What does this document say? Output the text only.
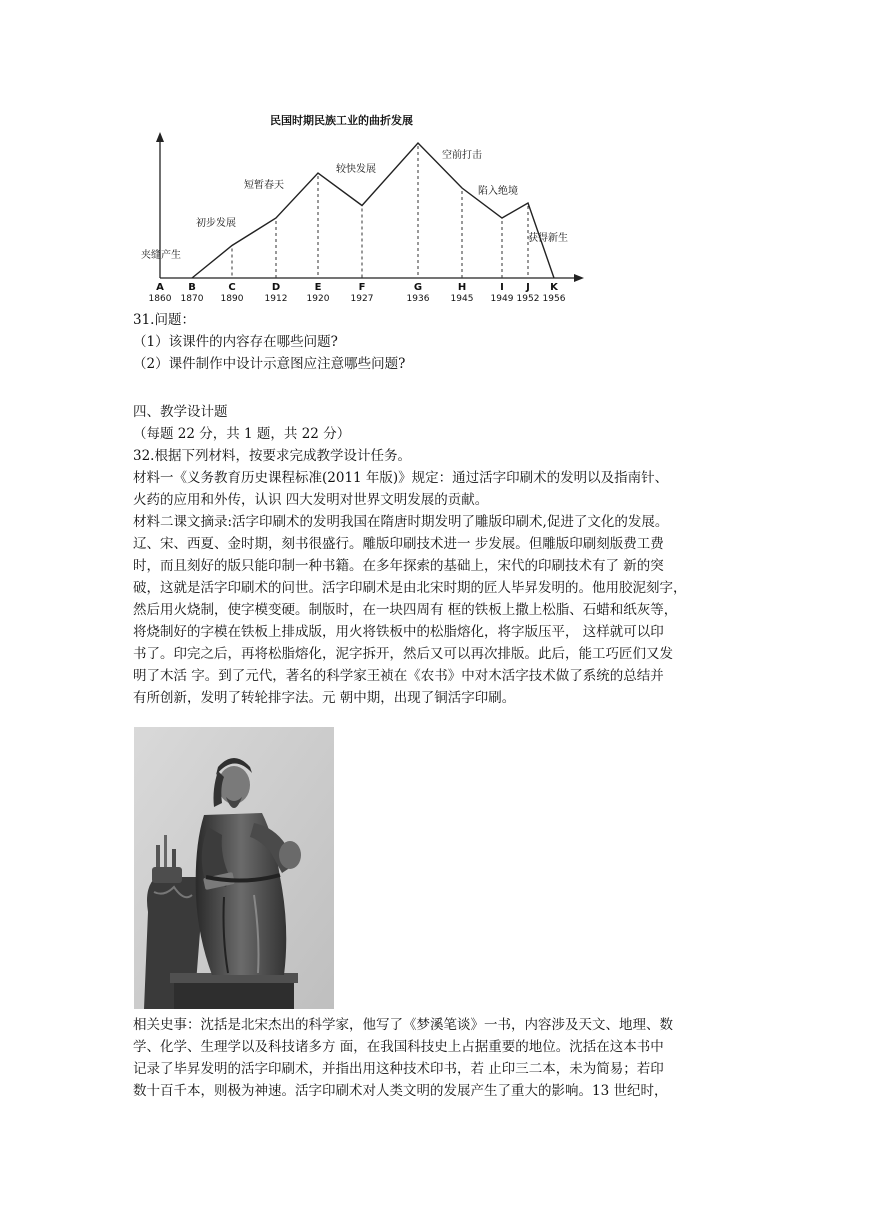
民国时期民族工业的曲折发展
A
1860
B
1870
C
1890
D
1912
E
1920
F
1927
G
1936
H
1945
I
1949
J
1952
K
1956
夹缝产生
初步发展
短暂春天
较快发展
空前打击
陷入绝境
获得新生

31.问题：

（1）该课件的内容存在哪些问题?

（2）课件制作中设计示意图应注意哪些问题?

四、教学设计题

（每题 22 分，共 1 题，共 22 分）

32.根据下列材料，按要求完成教学设计任务。

材料一《义务教育历史课程标准(2011 年版)》规定：通过活字印刷术的发明以及指南针、

火药的应用和外传，认识 四大发明对世界文明发展的贡献。

材料二课文摘录:活字印刷术的发明我国在隋唐时期发明了雕版印刷术,促进了文化的发展。

辽、宋、西夏、金时期，刻书很盛行。雕版印刷技术进一 步发展。但雕版印刷刻版费工费

时，而且刻好的版只能印制一种书籍。在多年探索的基础上，宋代的印刷技术有了 新的突

破，这就是活字印刷术的问世。活字印刷术是由北宋时期的匠人毕昇发明的。他用胶泥刻字，

然后用火烧制，使字模变硬。制版时，在一块四周有 框的铁板上撒上松脂、石蜡和纸灰等，

将烧制好的字模在铁板上排成版，用火将铁板中的松脂熔化，将字版压平， 这样就可以印

书了。印完之后，再将松脂熔化，泥字拆开，然后又可以再次排版。此后，能工巧匠们又发

明了木活 字。到了元代，著名的科学家王祯在《农书》中对木活字技术做了系统的总结并

有所创新，发明了转轮排字法。元 朝中期，出现了铜活字印刷。

相关史事：沈括是北宋杰出的科学家，他写了《梦溪笔谈》一书，内容涉及天文、地理、数

学、化学、生理学以及科技诸多方 面，在我国科技史上占据重要的地位。沈括在这本书中

记录了毕昇发明的活字印刷术，并指出用这种技术印书，若 止印三二本，未为简易；若印

数十百千本，则极为神速。活字印刷术对人类文明的发展产生了重大的影响。13 世纪时，
